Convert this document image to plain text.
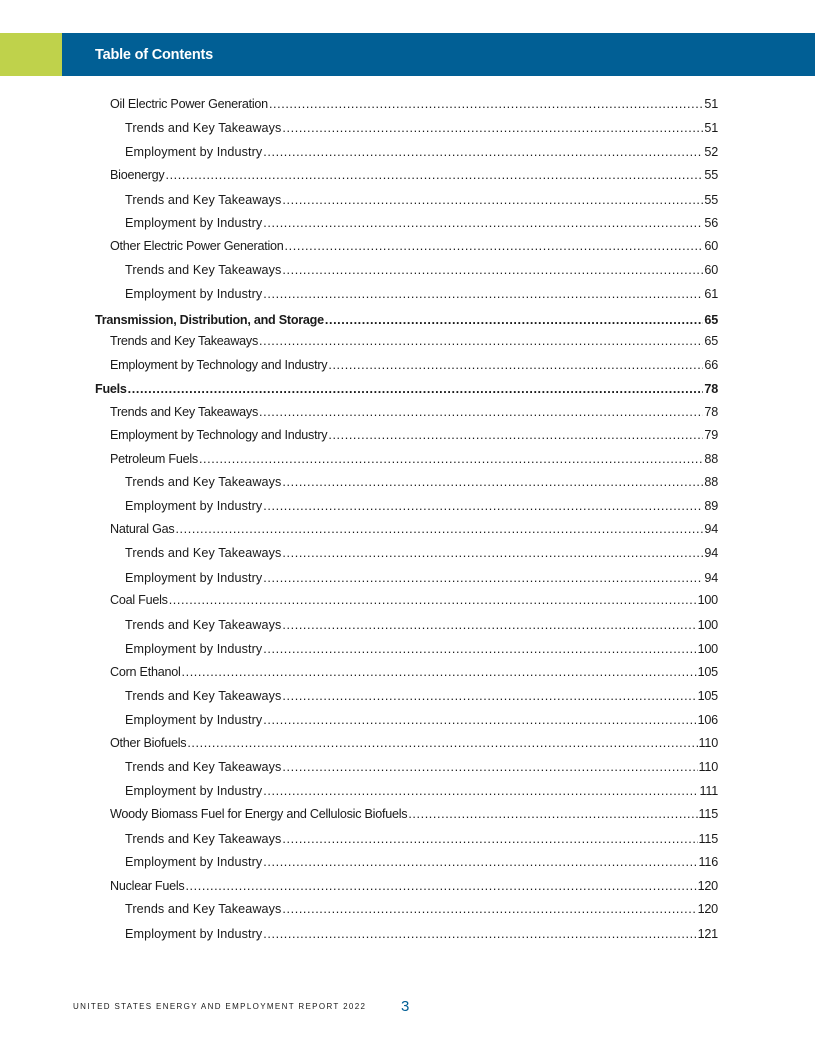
Table of Contents
Oil Electric Power Generation .....	51
Trends and Key Takeaways .....	51
Employment by Industry .....	52
Bioenergy .....	55
Trends and Key Takeaways .....	55
Employment by Industry .....	56
Other Electric Power Generation .....	60
Trends and Key Takeaways .....	60
Employment by Industry .....	61
Transmission, Distribution, and Storage .....	65
Trends and Key Takeaways .....	65
Employment by Technology and Industry .....	66
Fuels .....	78
Trends and Key Takeaways .....	78
Employment by Technology and Industry .....	79
Petroleum Fuels .....	88
Trends and Key Takeaways .....	88
Employment by Industry .....	89
Natural Gas .....	94
Trends and Key Takeaways .....	94
Employment by Industry .....	94
Coal Fuels .....	100
Trends and Key Takeaways .....	100
Employment by Industry .....	100
Corn Ethanol .....	105
Trends and Key Takeaways .....	105
Employment by Industry .....	106
Other Biofuels .....	110
Trends and Key Takeaways .....	110
Employment by Industry .....	111
Woody Biomass Fuel for Energy and Cellulosic Biofuels .....	115
Trends and Key Takeaways .....	115
Employment by Industry .....	116
Nuclear Fuels .....	120
Trends and Key Takeaways .....	120
Employment by Industry .....	121
UNITED STATES ENERGY AND EMPLOYMENT REPORT 2022 3
